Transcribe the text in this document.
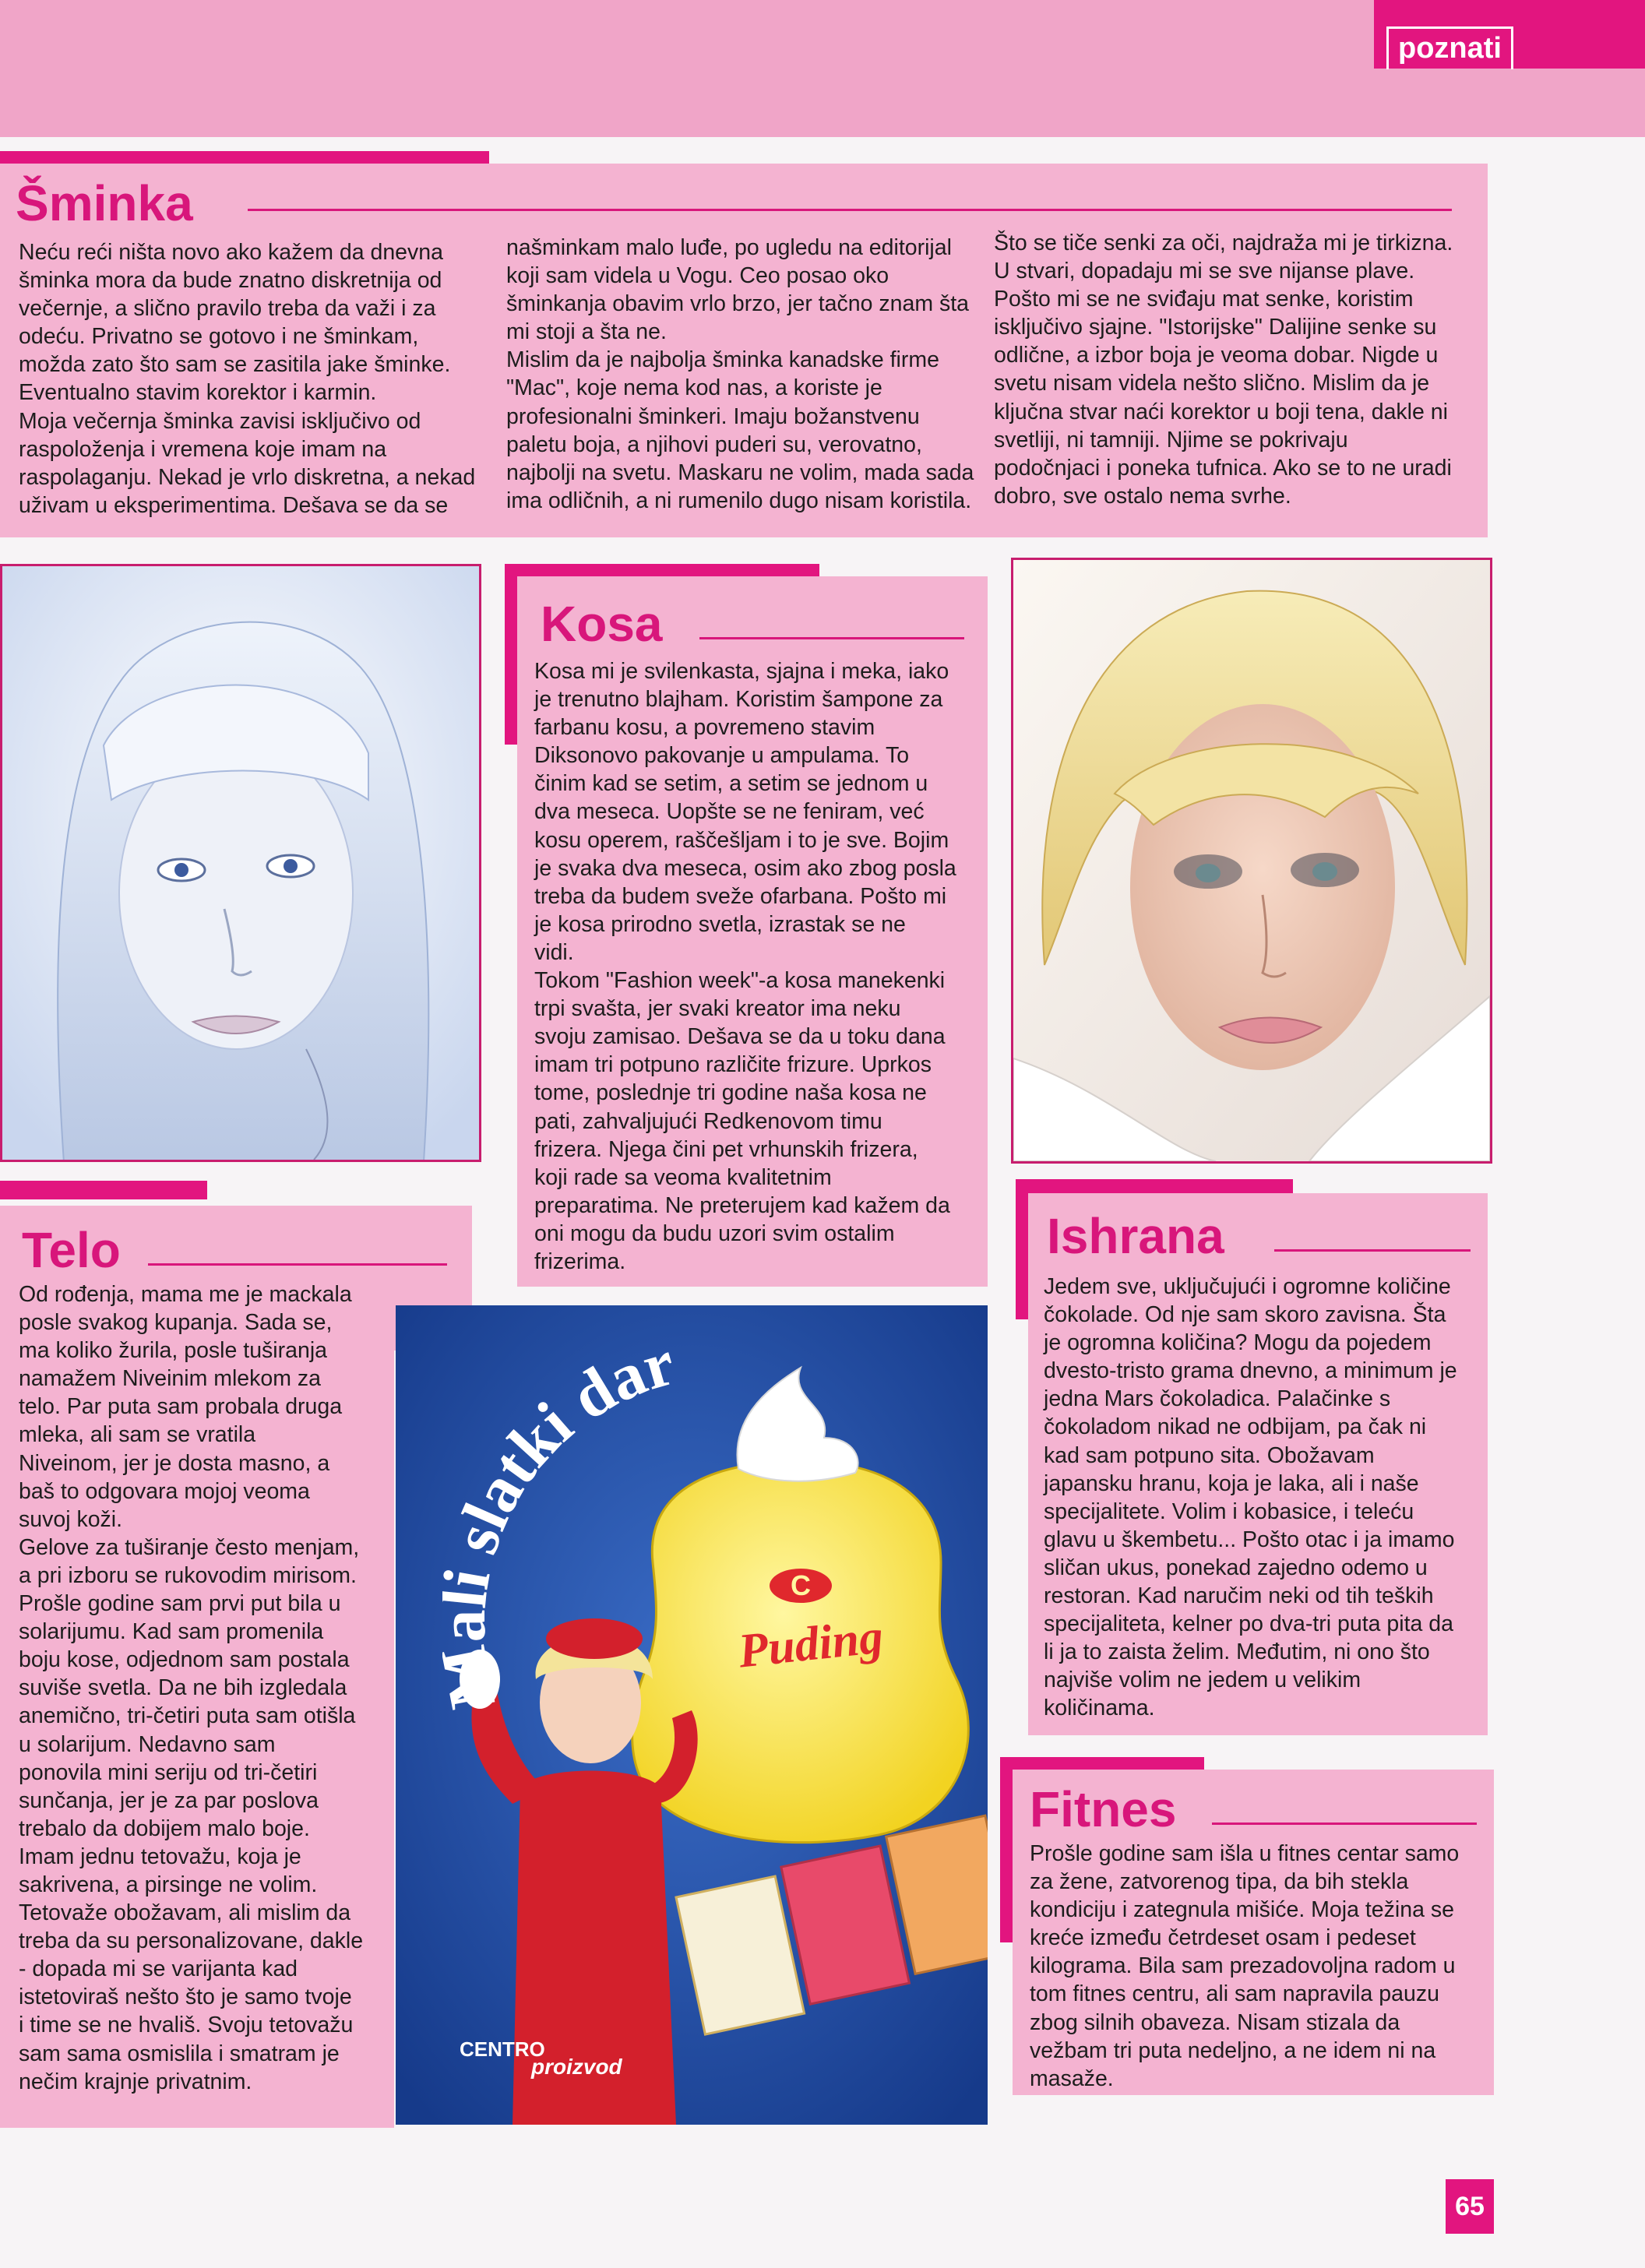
poznati
Šminka

Neću reći ništa novo ako kažem da dnevna
šminka mora da bude znatno diskretnija od
večernje, a slično pravilo treba da važi i za
odeću. Privatno se gotovo i ne šminkam,
možda zato što sam se zasitila jake šminke.
Eventualno stavim korektor i karmin.
Moja večernja šminka zavisi isključivo od
raspoloženja i vremena koje imam na
raspolaganju. Nekad je vrlo diskretna, a nekad
uživam u eksperimentima. Dešava se da se

našminkam malo luđe, po ugledu na editorijal
koji sam videla u Vogu. Ceo posao oko
šminkanja obavim vrlo brzo, jer tačno znam šta
mi stoji a šta ne.
Mislim da je najbolja šminka kanadske firme
"Mac", koje nema kod nas, a koriste je
profesionalni šminkeri. Imaju božanstvenu
paletu boja, a njihovi puderi su, verovatno,
najbolji na svetu. Maskaru ne volim, mada sada
ima odličnih, a ni rumenilo dugo nisam koristila.

Što se tiče senki za oči, najdraža mi je tirkizna.
U stvari, dopadaju mi se sve nijanse plave.
Pošto mi se ne sviđaju mat senke, koristim
isključivo sjajne. "Istorijske" Dalijine senke su
odlične, a izbor boja je veoma dobar. Nigde u
svetu nisam videla nešto slično. Mislim da je
ključna stvar naći korektor u boji tena, dakle ni
svetliji, ni tamniji. Njime se pokrivaju
podočnjaci i poneka tufnica. Ako se to ne uradi
dobro, sve ostalo nema svrhe.

Kosa

Kosa mi je svilenkasta, sjajna i meka, iako
je trenutno blajham. Koristim šampone za
farbanu kosu, a povremeno stavim
Diksonovo pakovanje u ampulama. To
činim kad se setim, a setim se jednom u
dva meseca. Uopšte se ne feniram, već
kosu operem, raščešljam i to je sve. Bojim
je svaka dva meseca, osim ako zbog posla
treba da budem sveže ofarbana. Pošto mi
je kosa prirodno svetla, izrastak se ne
vidi.
Tokom "Fashion week"-a kosa manekenki
trpi svašta, jer svaki kreator ima neku
svoju zamisao. Dešava se da u toku dana
imam tri potpuno različite frizure. Uprkos
tome, poslednje tri godine naša kosa ne
pati, zahvaljujući Redkenovom timu
frizera. Njega čini pet vrhunskih frizera,
koji rade sa veoma kvalitetnim
preparatima. Ne preterujem kad kažem da
oni mogu da budu uzori svim ostalim
frizerima.

Telo

Od rođenja, mama me je mackala
posle svakog kupanja. Sada se,
ma koliko žurila, posle tuširanja
namažem Niveinim mlekom za
telo. Par puta sam probala druga
mleka, ali sam se vratila
Niveinom, jer je dosta masno, a
baš to odgovara mojoj veoma
suvoj koži.
Gelove za tuširanje često menjam,
a pri izboru se rukovodim mirisom.
Prošle godine sam prvi put bila u
solarijumu. Kad sam promenila
boju kose, odjednom sam postala
suviše svetla. Da ne bih izgledala
anemično, tri-četiri puta sam otišla
u solarijum. Nedavno sam
ponovila mini seriju od tri-četiri
sunčanja, jer je za par poslova
trebalo da dobijem malo boje.
Imam jednu tetovažu, koja je
sakrivena, a pirsinge ne volim.
Tetovaže obožavam, ali mislim da
treba da su personalizovane, dakle
- dopada mi se varijanta kad
istetoviraš nešto što je samo tvoje
i time se ne hvališ. Svoju tetovažu
sam sama osmislila i smatram je
nečim krajnje privatnim.

C
slatki dar
Puding
CENTRO
proizvod
Ishrana

Jedem sve, uključujući i ogromne količine
čokolade. Od nje sam skoro zavisna. Šta
je ogromna količina? Mogu da pojedem
dvesto-tristo grama dnevno, a minimum je
jedna Mars čokoladica. Palačinke s
čokoladom nikad ne odbijam, pa čak ni
kad sam potpuno sita. Obožavam
japansku hranu, koja je laka, ali i naše
specijalitete. Volim i kobasice, i teleću
glavu u škembetu... Pošto otac i ja imamo
sličan ukus, ponekad zajedno odemo u
restoran. Kad naručim neki od tih teških
specijaliteta, kelner po dva-tri puta pita da
li ja to zaista želim. Međutim, ni ono što
najviše volim ne jedem u velikim
količinama.

Fitnes

Prošle godine sam išla u fitnes centar samo
za žene, zatvorenog tipa, da bih stekla
kondiciju i zategnula mišiće. Moja težina se
kreće između četrdeset osam i pedeset
kilograma. Bila sam prezadovoljna radom u
tom fitnes centru, ali sam napravila pauzu
zbog silnih obaveza. Nisam stizala da
vežbam tri puta nedeljno, a ne idem ni na
masaže.

65
